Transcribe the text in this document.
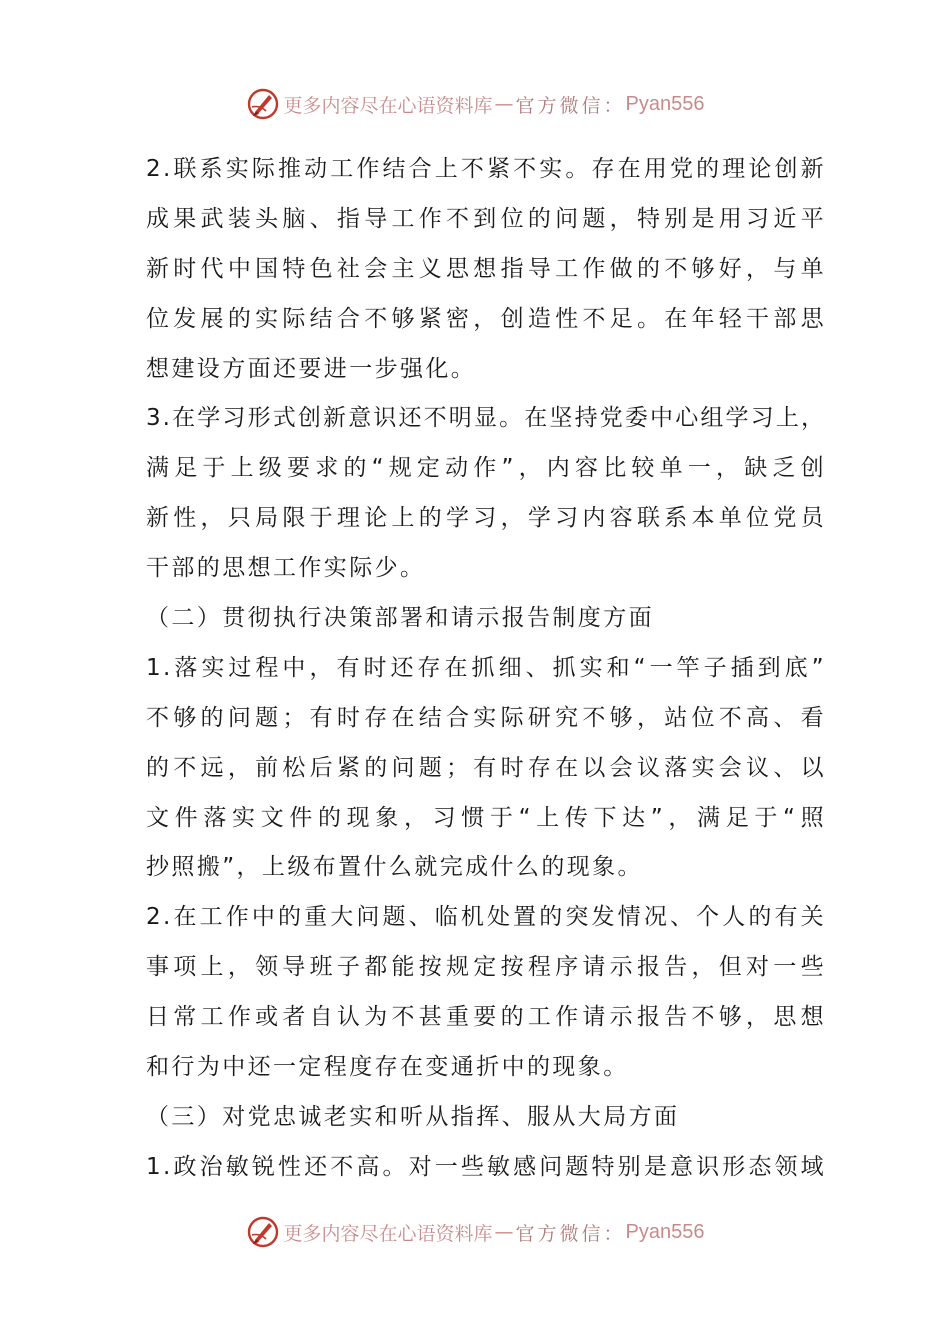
更多内容尽在心语资料库 — 官方微信： Pyan556
2.联系实际推动工作结合上不紧不实。存在用党的理论创新
成果武装头脑、指导工作不到位的问题，特别是用习近平
新时代中国特色社会主义思想指导工作做的不够好，与单
位发展的实际结合不够紧密，创造性不足。在年轻干部思
想建设方面还要进一步强化。
3.在学习形式创新意识还不明显。在坚持党委中心组学习上，
满足于上级要求的“规定动作”，内容比较单一，缺乏创
新性，只局限于理论上的学习，学习内容联系本单位党员
干部的思想工作实际少。
（二）贯彻执行决策部署和请示报告制度方面
1.落实过程中，有时还存在抓细、抓实和“一竿子插到底”
不够的问题；有时存在结合实际研究不够，站位不高、看
的不远，前松后紧的问题；有时存在以会议落实会议、以
文件落实文件的现象，习惯于“上传下达”，满足于“照
抄照搬”，上级布置什么就完成什么的现象。
2.在工作中的重大问题、临机处置的突发情况、个人的有关
事项上，领导班子都能按规定按程序请示报告，但对一些
日常工作或者自认为不甚重要的工作请示报告不够，思想
和行为中还一定程度存在变通折中的现象。
（三）对党忠诚老实和听从指挥、服从大局方面
1.政治敏锐性还不高。对一些敏感问题特别是意识形态领域
更多内容尽在心语资料库 — 官方微信： Pyan556
